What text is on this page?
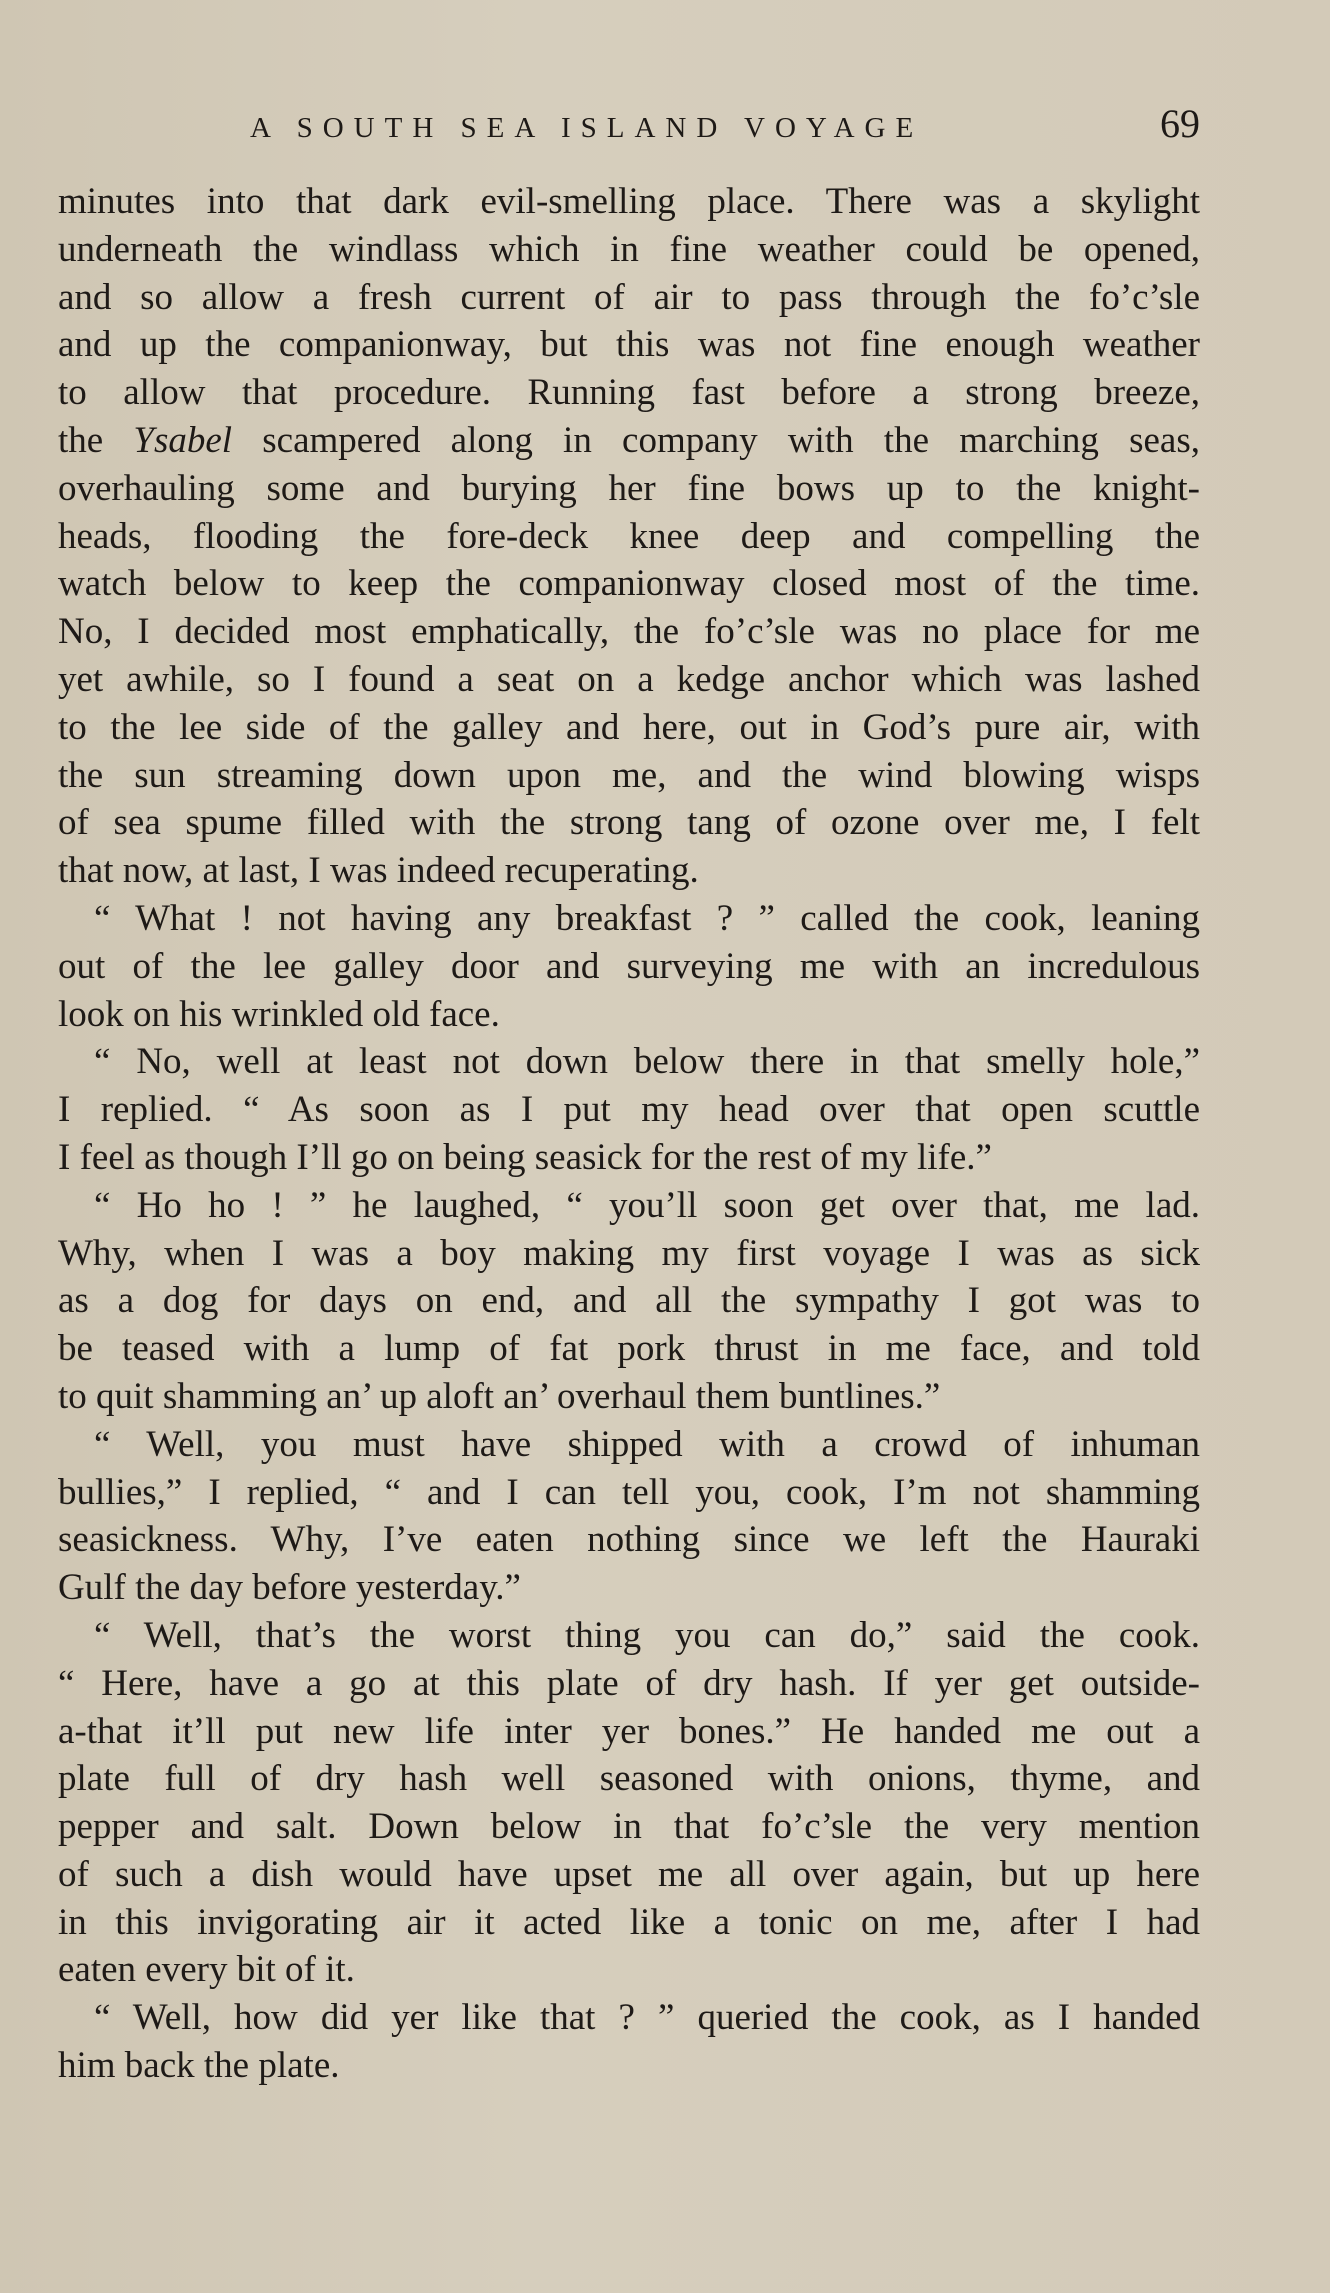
A SOUTH SEA ISLAND VOYAGE	69
minutes into that dark evil-smelling place. There was a skylight
underneath the windlass which in fine weather could be opened,
and so allow a fresh current of air to pass through the fo’c’sle
and up the companionway, but this was not fine enough weather
to allow that procedure. Running fast before a strong breeze,
the Ysabel scampered along in company with the marching seas,
overhauling some and burying her fine bows up to the knight-
heads, flooding the fore-deck knee deep and compelling the
watch below to keep the companionway closed most of the time.
No, I decided most emphatically, the fo’c’sle was no place for me
yet awhile, so I found a seat on a kedge anchor which was lashed
to the lee side of the galley and here, out in God’s pure air, with
the sun streaming down upon me, and the wind blowing wisps
of sea spume filled with the strong tang of ozone over me, I felt
that now, at last, I was indeed recuperating.
“ What ! not having any breakfast ? ” called the cook, leaning
out of the lee galley door and surveying me with an incredulous
look on his wrinkled old face.
“ No, well at least not down below there in that smelly hole,”
I replied. “ As soon as I put my head over that open scuttle
I feel as though I’ll go on being seasick for the rest of my life.”
“ Ho ho ! ” he laughed, “ you’ll soon get over that, me lad.
Why, when I was a boy making my first voyage I was as sick
as a dog for days on end, and all the sympathy I got was to
be teased with a lump of fat pork thrust in me face, and told
to quit shamming an’ up aloft an’ overhaul them buntlines.”
“ Well, you must have shipped with a crowd of inhuman
bullies,” I replied, “ and I can tell you, cook, I’m not shamming
seasickness. Why, I’ve eaten nothing since we left the Hauraki
Gulf the day before yesterday.”
“ Well, that’s the worst thing you can do,” said the cook.
“ Here, have a go at this plate of dry hash. If yer get outside-
a-that it’ll put new life inter yer bones.” He handed me out a
plate full of dry hash well seasoned with onions, thyme, and
pepper and salt. Down below in that fo’c’sle the very mention
of such a dish would have upset me all over again, but up here
in this invigorating air it acted like a tonic on me, after I had
eaten every bit of it.
“ Well, how did yer like that ? ” queried the cook, as I handed
him back the plate.
